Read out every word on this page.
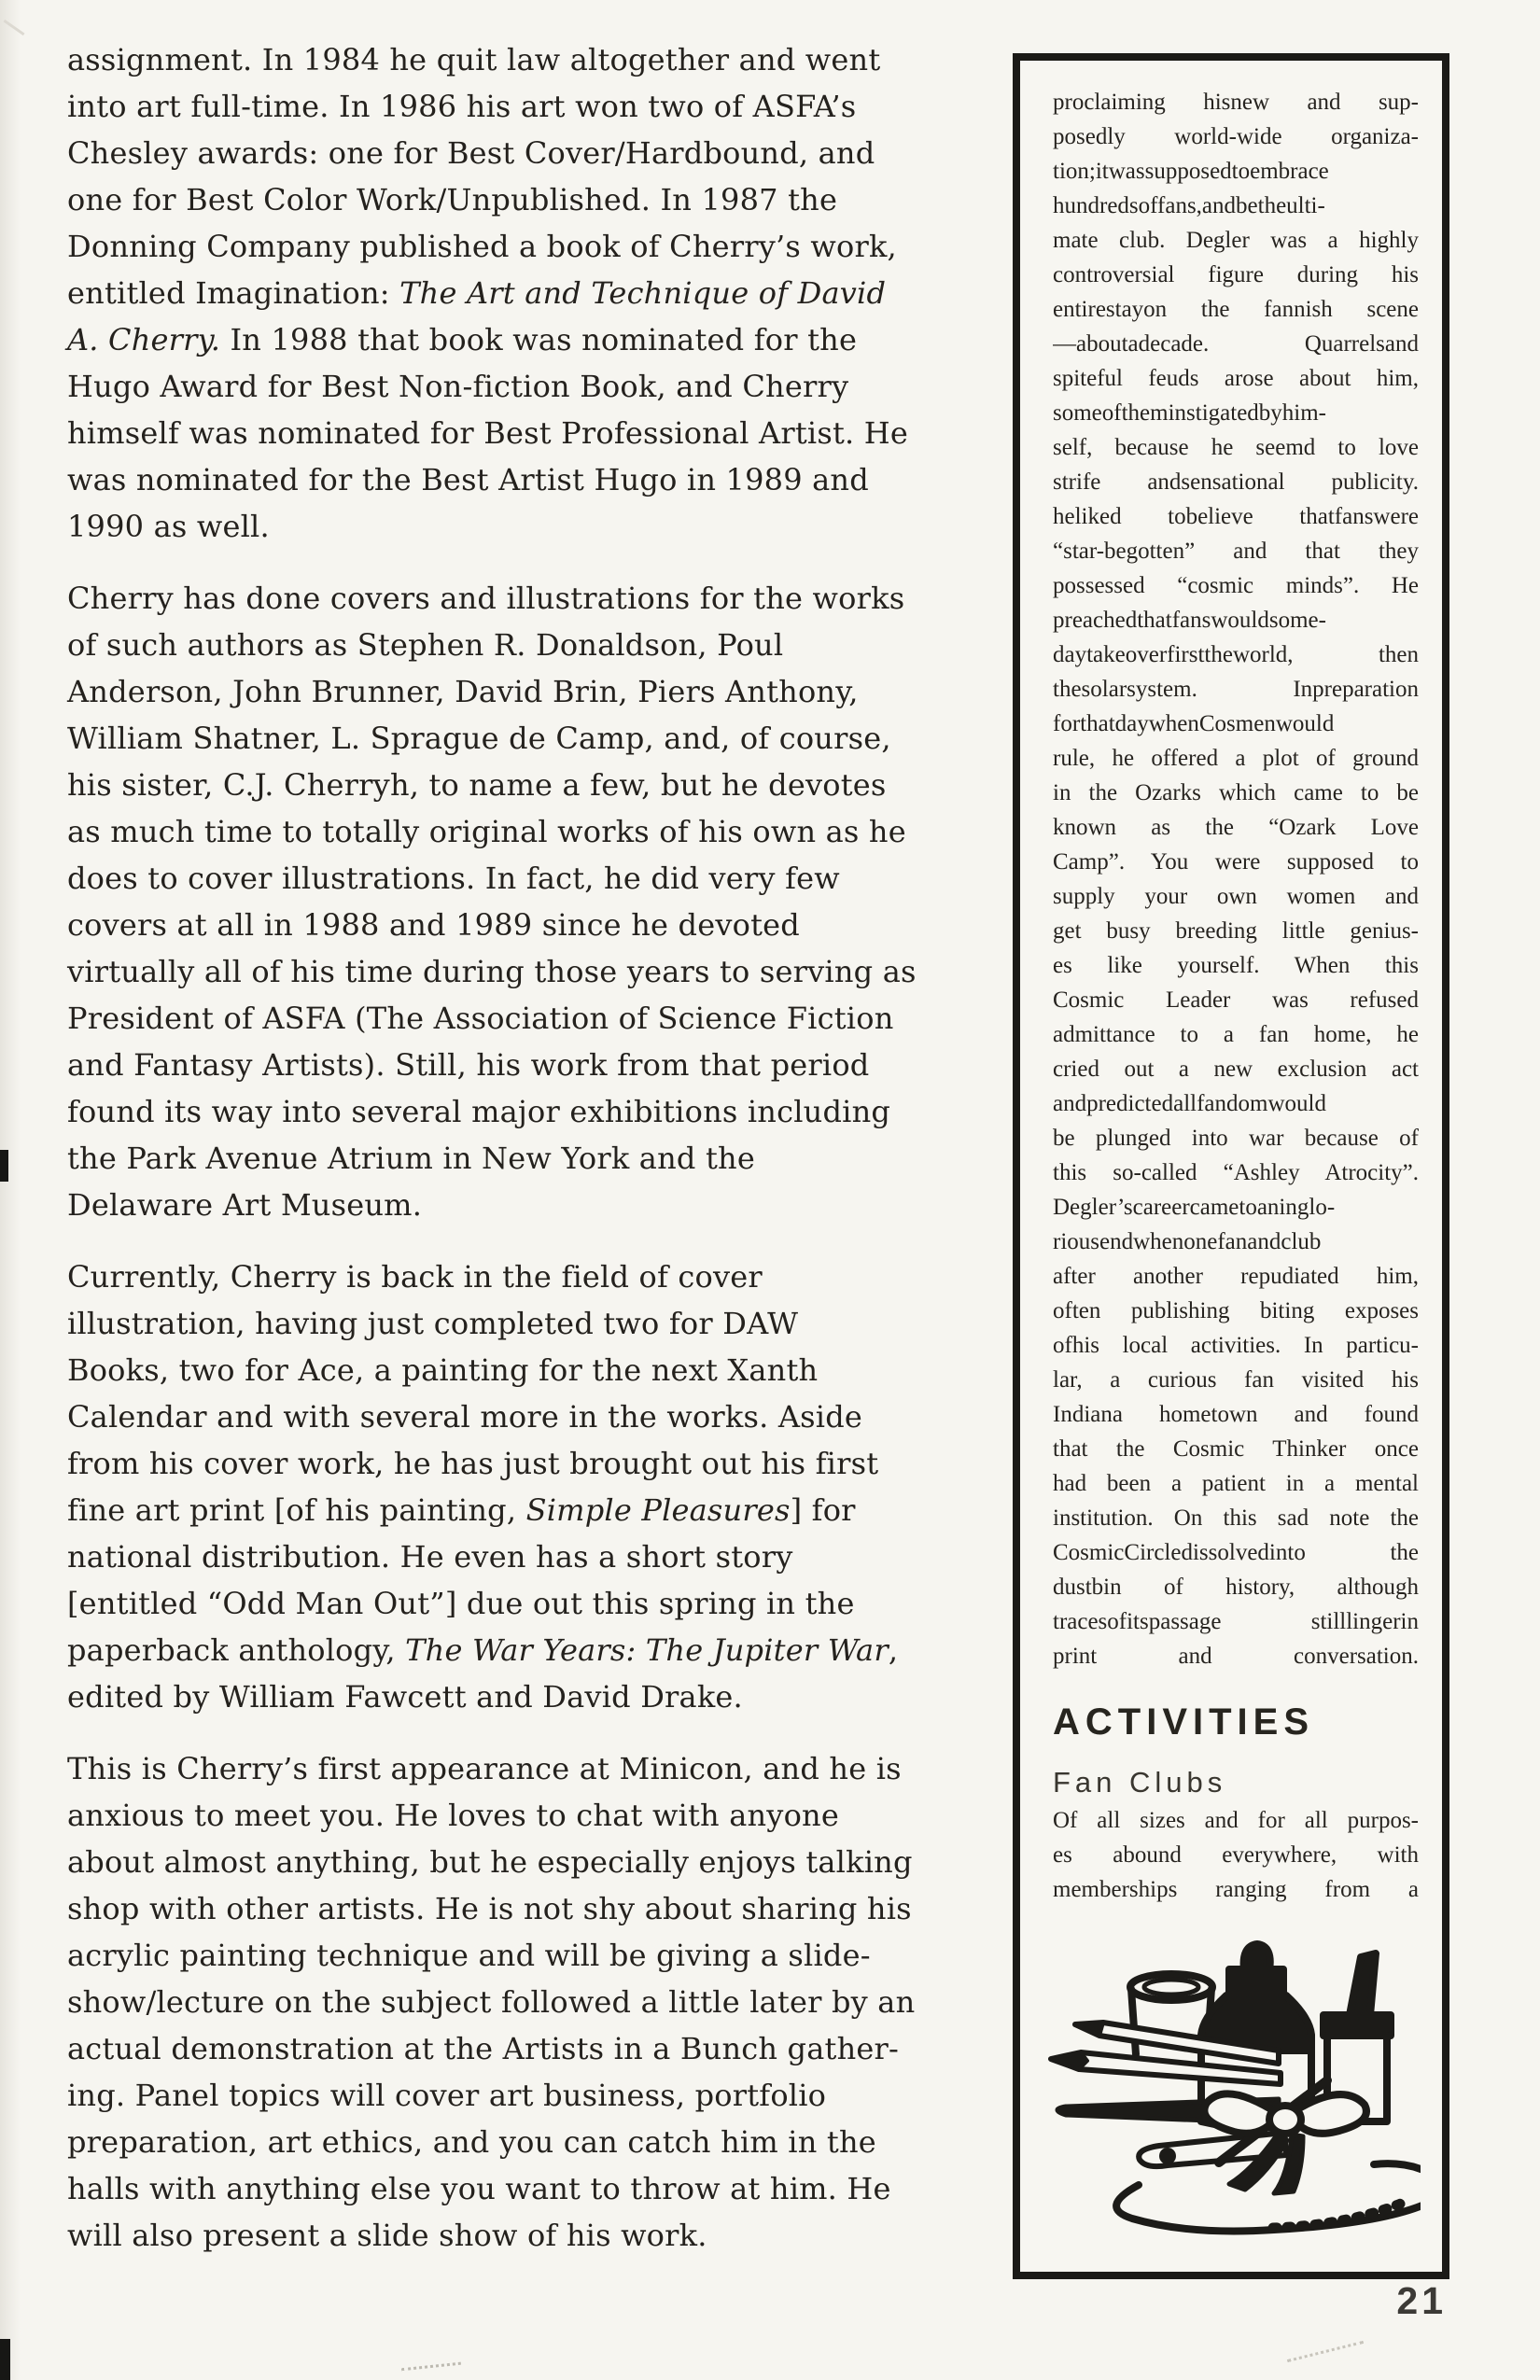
assignment. In 1984 he quit law altogether and went
into art full-time. In 1986 his art won two of ASFA’s
Chesley awards: one for Best Cover/Hardbound, and
one for Best Color Work/Unpublished. In 1987 the
Donning Company published a book of Cherry’s work,
entitled Imagination: The Art and Technique of David
A. Cherry. In 1988 that book was nominated for the
Hugo Award for Best Non-fiction Book, and Cherry
himself was nominated for Best Professional Artist. He
was nominated for the Best Artist Hugo in 1989 and
1990 as well.
Cherry has done covers and illustrations for the works
of such authors as Stephen R. Donaldson, Poul
Anderson, John Brunner, David Brin, Piers Anthony,
William Shatner, L. Sprague de Camp, and, of course,
his sister, C.J. Cherryh, to name a few, but he devotes
as much time to totally original works of his own as he
does to cover illustrations. In fact, he did very few
covers at all in 1988 and 1989 since he devoted
virtually all of his time during those years to serving as
President of ASFA (The Association of Science Fiction
and Fantasy Artists). Still, his work from that period
found its way into several major exhibitions including
the Park Avenue Atrium in New York and the
Delaware Art Museum.
Currently, Cherry is back in the field of cover
illustration, having just completed two for DAW
Books, two for Ace, a painting for the next Xanth
Calendar and with several more in the works. Aside
from his cover work, he has just brought out his first
fine art print [of his painting, Simple Pleasures] for
national distribution. He even has a short story
[entitled “Odd Man Out”] due out this spring in the
paperback anthology, The War Years: The Jupiter War,
edited by William Fawcett and David Drake.
This is Cherry’s first appearance at Minicon, and he is
anxious to meet you. He loves to chat with anyone
about almost anything, but he especially enjoys talking
shop with other artists. He is not shy about sharing his
acrylic painting technique and will be giving a slide-
show/lecture on the subject followed a little later by an
actual demonstration at the Artists in a Bunch gather-
ing. Panel topics will cover art business, portfolio
preparation, art ethics, and you can catch him in the
halls with anything else you want to throw at him. He
will also present a slide show of his work.
proclaiming hisnew and sup-
posedly world-wide organiza-
tion;itwassupposedtoembrace
hundredsoffans,andbetheulti-
mate club. Degler was a highly
controversial figure during his
entirestayon the fannish scene
—aboutadecade. Quarrelsand
spiteful feuds arose about him,
someoftheminstigatedbyhim-
self, because he seemd to love
strife andsensational publicity.
heliked tobelieve thatfanswere
“star-begotten” and that they
possessed “cosmic minds”. He
preachedthatfanswouldsome-
daytakeoverfirsttheworld, then
thesolarsystem. Inpreparation
forthatdaywhenCosmenwould
rule, he offered a plot of ground
in the Ozarks which came to be
known as the “Ozark Love
Camp”. You were supposed to
supply your own women and
get busy breeding little genius-
es like yourself. When this
Cosmic Leader was refused
admittance to a fan home, he
cried out a new exclusion act
andpredictedallfandomwould
be plunged into war because of
this so-called “Ashley Atrocity”.
Degler’scareercametoaninglo-
riousendwhenonefanandclub
after another repudiated him,
often publishing biting exposes
ofhis local activities. In particu-
lar, a curious fan visited his
Indiana hometown and found
that the Cosmic Thinker once
had been a patient in a mental
institution. On this sad note the
CosmicCircledissolvedinto the
dustbin of history, although
tracesofitspassage stilllingerin
print and conversation.
ACTIVITIES
Fan Clubs
Of all sizes and for all purpos-
es abound everywhere, with
memberships ranging from a
21
